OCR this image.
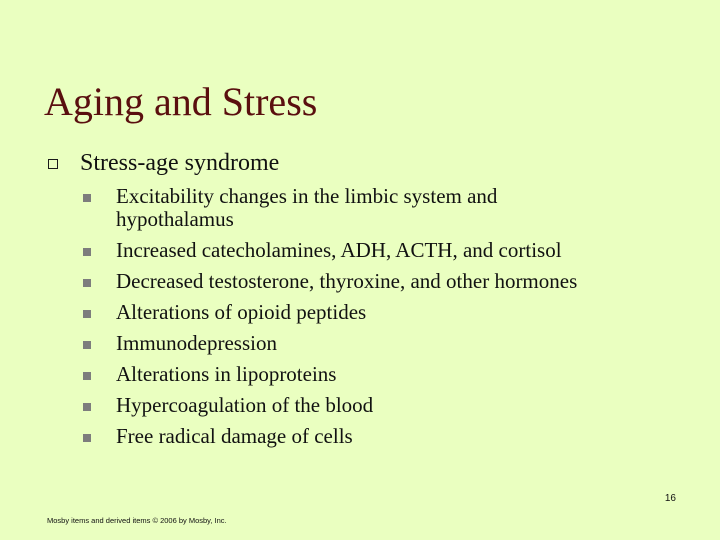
Aging and Stress
Stress-age syndrome
Excitability changes in the limbic system and hypothalamus
Increased catecholamines, ADH, ACTH, and cortisol
Decreased testosterone, thyroxine, and other hormones
Alterations of opioid peptides
Immunodepression
Alterations in lipoproteins
Hypercoagulation of the blood
Free radical damage of cells
16
Mosby items and derived items © 2006 by Mosby, Inc.
